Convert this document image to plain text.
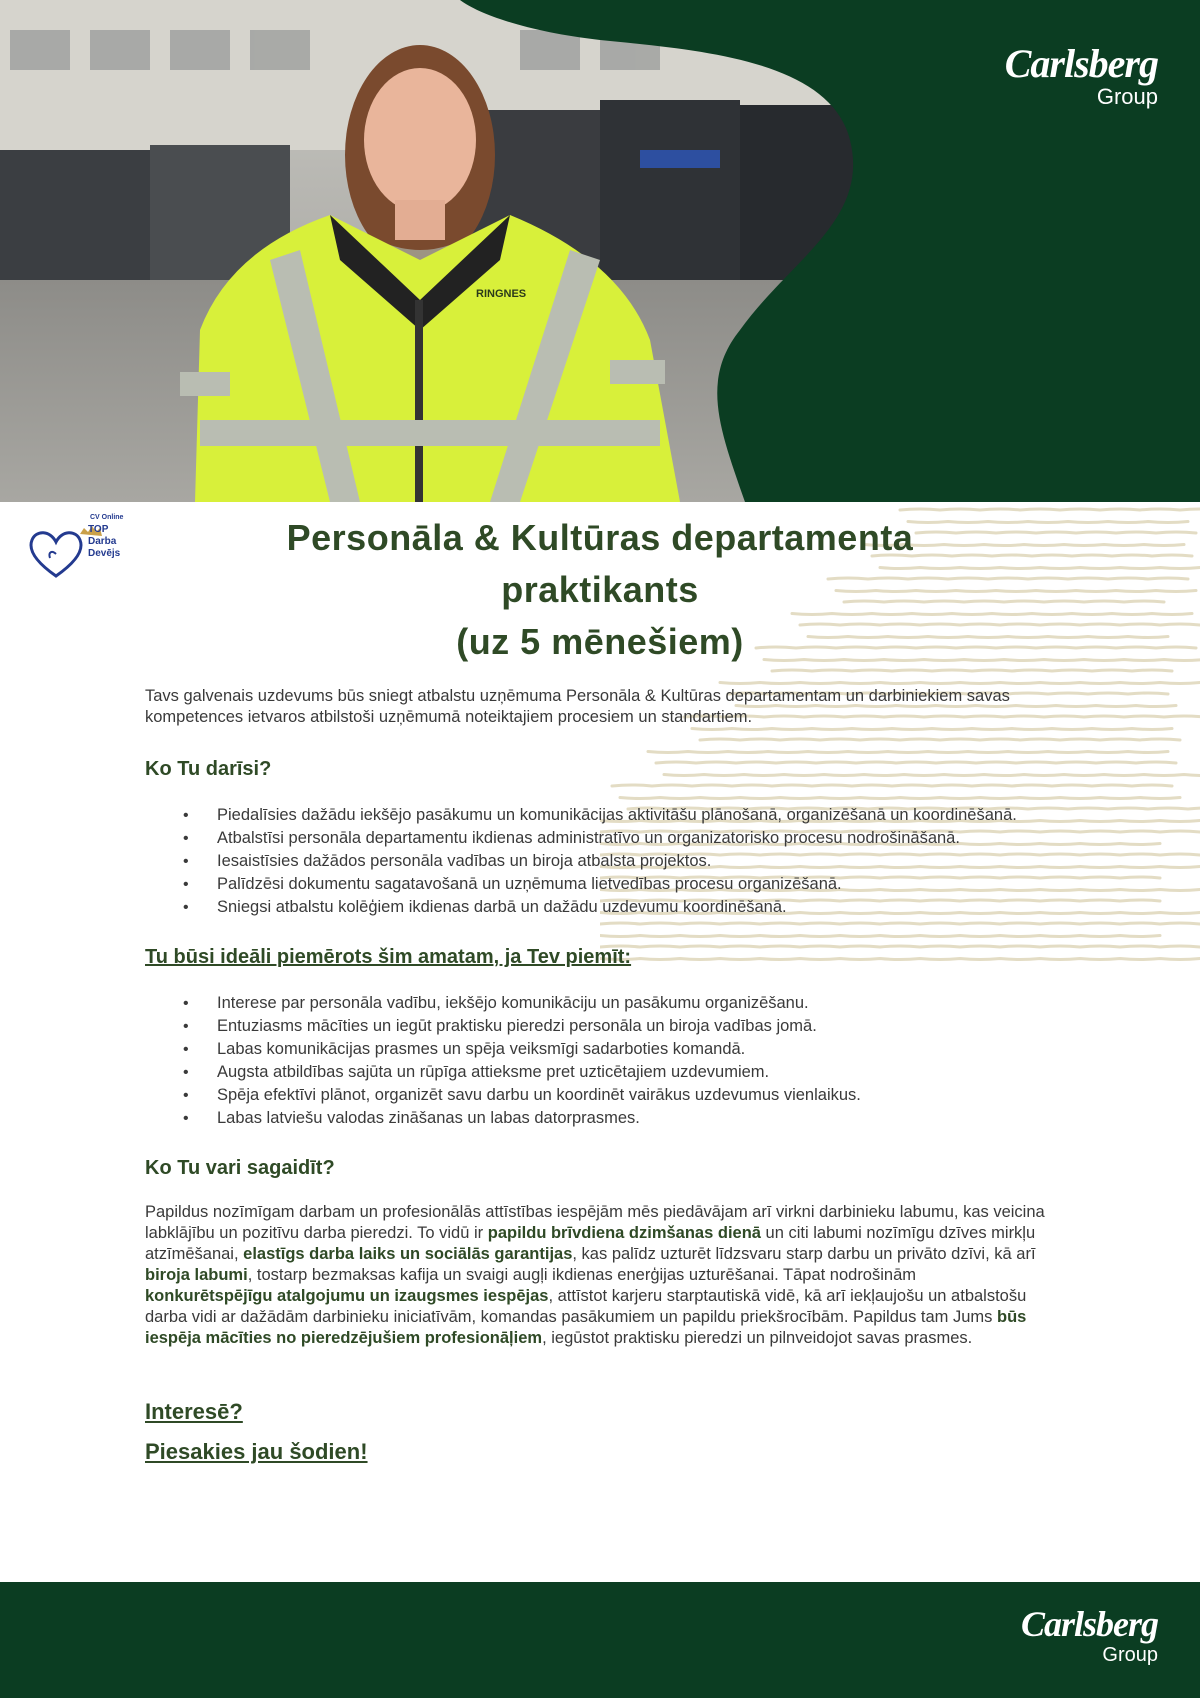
RINGNES
Carlsberg
Group
CV Online
TOP
Darba
Devējs	Personāla & Kultūras departamenta
praktikants
(uz 5 mēnešiem)

Tavs galvenais uzdevums būs sniegt atbalstu uzņēmuma Personāla & Kultūras departamentam un darbiniekiem savas kompetences ietvaros atbilstoši uzņēmumā noteiktajiem procesiem un standartiem.

Ko Tu darīsi?
• Piedalīsies dažādu iekšējo pasākumu un komunikācijas aktivitāšu plānošanā, organizēšanā un koordinēšanā.
• Atbalstīsi personāla departamentu ikdienas administratīvo un organizatorisko procesu nodrošināšanā.
• Iesaistīsies dažādos personāla vadības un biroja atbalsta projektos.
• Palīdzēsi dokumentu sagatavošanā un uzņēmuma lietvedības procesu organizēšanā.
• Sniegsi atbalstu kolēģiem ikdienas darbā un dažādu uzdevumu koordinēšanā.
Tu būsi ideāli piemērots šim amatam, ja Tev piemīt:
• Interese par personāla vadību, iekšējo komunikāciju un pasākumu organizēšanu.
• Entuziasms mācīties un iegūt praktisku pieredzi personāla un biroja vadības jomā.
• Labas komunikācijas prasmes un spēja veiksmīgi sadarboties komandā.
• Augsta atbildības sajūta un rūpīga attieksme pret uzticētajiem uzdevumiem.
• Spēja efektīvi plānot, organizēt savu darbu un koordinēt vairākus uzdevumus vienlaikus.
• Labas latviešu valodas zināšanas un labas datorprasmes.
Ko Tu vari sagaidīt?

Papildus nozīmīgam darbam un profesionālās attīstības iespējām mēs piedāvājam arī virkni darbinieku labumu, kas veicina labklājību un pozitīvu darba pieredzi. To vidū ir papildu brīvdiena dzimšanas dienā un citi labumi nozīmīgu dzīves mirkļu atzīmēšanai, elastīgs darba laiks un sociālās garantijas, kas palīdz uzturēt līdzsvaru starp darbu un privāto dzīvi, kā arī biroja labumi, tostarp bezmaksas kafija un svaigi augļi ikdienas enerģijas uzturēšanai. Tāpat nodrošinām konkurētspējīgu atalgojumu un izaugsmes iespējas, attīstot karjeru starptautiskā vidē, kā arī iekļaujošu un atbalstošu darba vidi ar dažādām darbinieku iniciatīvām, komandas pasākumiem un papildu priekšrocībām. Papildus tam Jums būs iespēja mācīties no pieredzējušiem profesionāļiem, iegūstot praktisku pieredzi un pilnveidojot savas prasmes.

Interesē?

Piesakies jau šodien!

Carlsberg
Group
